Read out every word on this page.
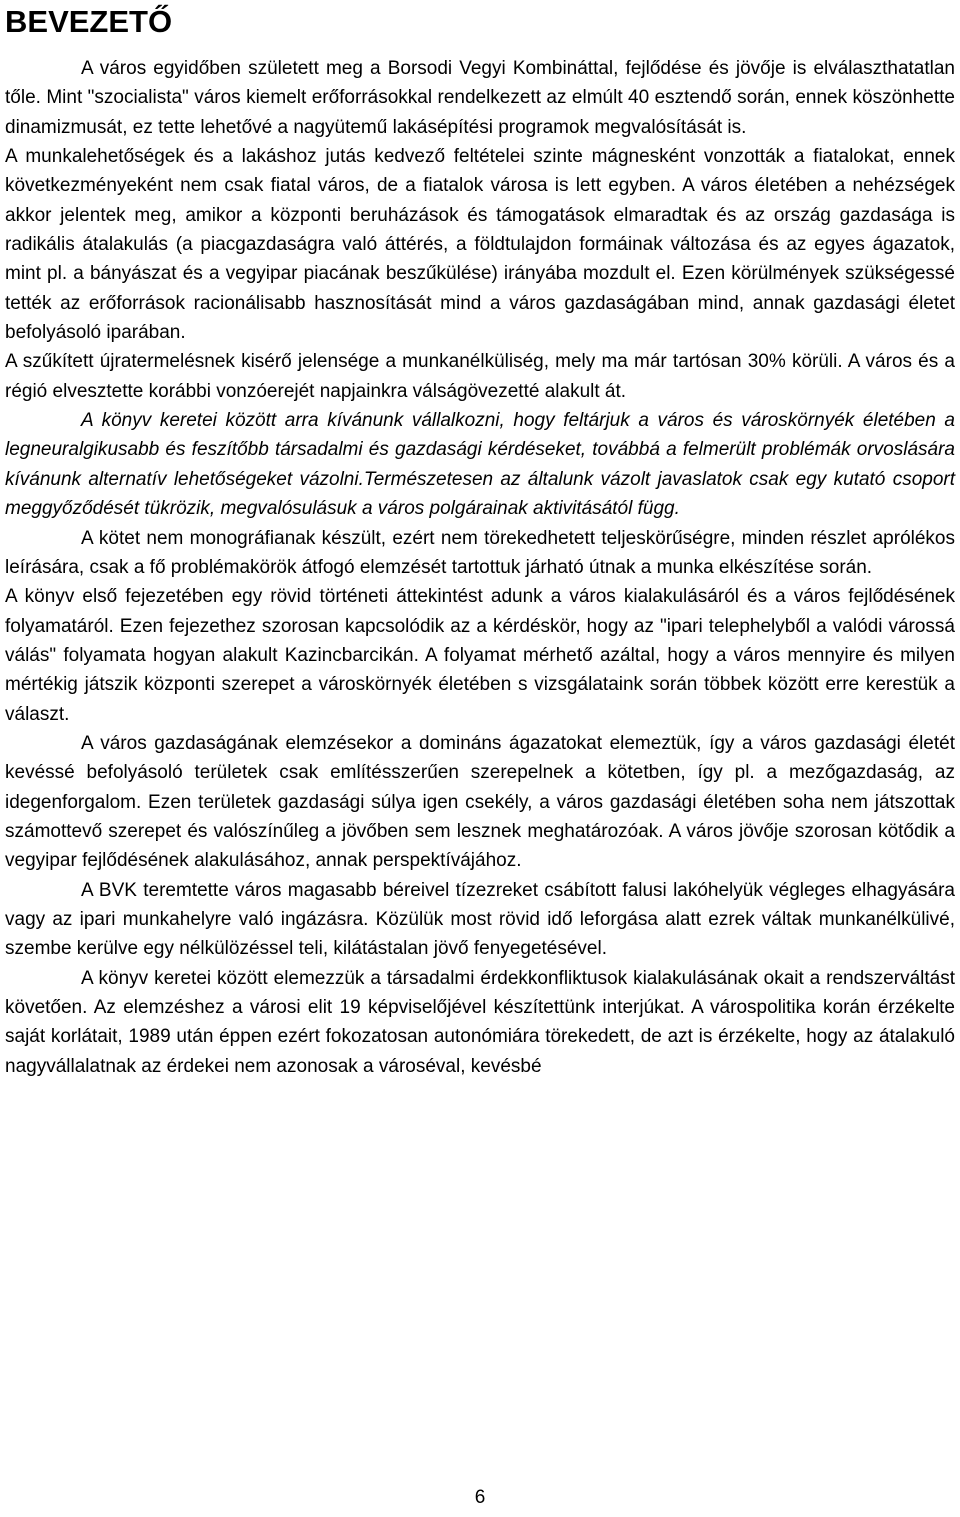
BEVEZETŐ

A város egyidőben született meg a Borsodi Vegyi Kombináttal, fejlődése és jövője is elválaszthatatlan tőle. Mint "szocialista" város kiemelt erőforrásokkal rendelkezett az elmúlt 40 esztendő során, ennek köszönhette dinamizmusát, ez tette lehetővé a nagyütemű lakásépítési programok megvalósítását is.

A munkalehetőségek és a lakáshoz jutás kedvező feltételei szinte mágnesként vonzották a fiatalokat, ennek következményeként nem csak fiatal város, de a fiatalok városa is lett egyben. A város életében a nehézségek akkor jelentek meg, amikor a központi beruházások és támogatások elmaradtak és az ország gazdasága is radikális átalakulás (a piacgazdaságra való áttérés, a földtulajdon formáinak változása és az egyes ágazatok, mint pl. a bányászat és a vegyipar piacának beszűkülése) irányába mozdult el. Ezen körülmények szükségessé tették az erőforrások racionálisabb hasznosítását mind a város gazdaságában mind, annak gazdasági életet befolyásoló iparában.

A szűkített újratermelésnek kisérő jelensége a munkanélküliség, mely ma már tartósan 30% körüli. A város és a régió elvesztette korábbi vonzóerejét napjainkra válságövezetté alakult át.

A könyv keretei között arra kívánunk vállalkozni, hogy feltárjuk a város és városkörnyék életében a legneuralgikusabb és feszítőbb társadalmi és gazdasági kérdéseket, továbbá a felmerült problémák orvoslására kívánunk alternatív lehetőségeket vázolni.Természetesen az általunk vázolt javaslatok csak egy kutató csoport meggyőződését tükrözik, megvalósulásuk a város polgárainak aktivitásától függ.

A kötet nem monográfianak készült, ezért nem törekedhetett teljeskörűségre, minden részlet aprólékos leírására, csak a fő problémakörök átfogó elemzését tartottuk járható útnak a munka elkészítése során.

A könyv első fejezetében egy rövid történeti áttekintést adunk a város kialakulásáról és a város fejlődésének folyamatáról. Ezen fejezethez szorosan kapcsolódik az a kérdéskör, hogy az "ipari telephelyből a valódi várossá válás" folyamata hogyan alakult Kazincbarcikán. A folyamat mérhető azáltal, hogy a város mennyire és milyen mértékig játszik központi szerepet a városkörnyék életében s vizsgálataink során többek között erre kerestük a választ.

A város gazdaságának elemzésekor a domináns ágazatokat elemeztük, így a város gazdasági életét kevéssé befolyásoló területek csak említésszerűen szerepelnek a kötetben, így pl. a mezőgazdaság, az idegenforgalom. Ezen területek gazdasági súlya igen csekély, a város gazdasági életében soha nem játszottak számottevő szerepet és valószínűleg a jövőben sem lesznek meghatározóak. A város jövője szorosan kötődik a vegyipar fejlődésének alakulásához, annak perspektívájához.

A BVK teremtette város magasabb béreivel tízezreket csábított falusi lakóhelyük végleges elhagyására vagy az ipari munkahelyre való ingázásra. Közülük most rövid idő leforgása alatt ezrek váltak munkanélkülivé, szembe kerülve egy nélkülözéssel teli, kilátástalan jövő fenyegetésével.

A könyv keretei között elemezzük a társadalmi érdekkonfliktusok kialakulásának okait a rendszerváltást követően. Az elemzéshez a városi elit 19 képviselőjével készítettünk interjúkat. A várospolitika korán érzékelte saját korlátait, 1989 után éppen ezért fokozatosan autonómiára törekedett, de azt is érzékelte, hogy az átalakuló nagyvállalatnak az érdekei nem azonosak a városéval, kevésbé

6
